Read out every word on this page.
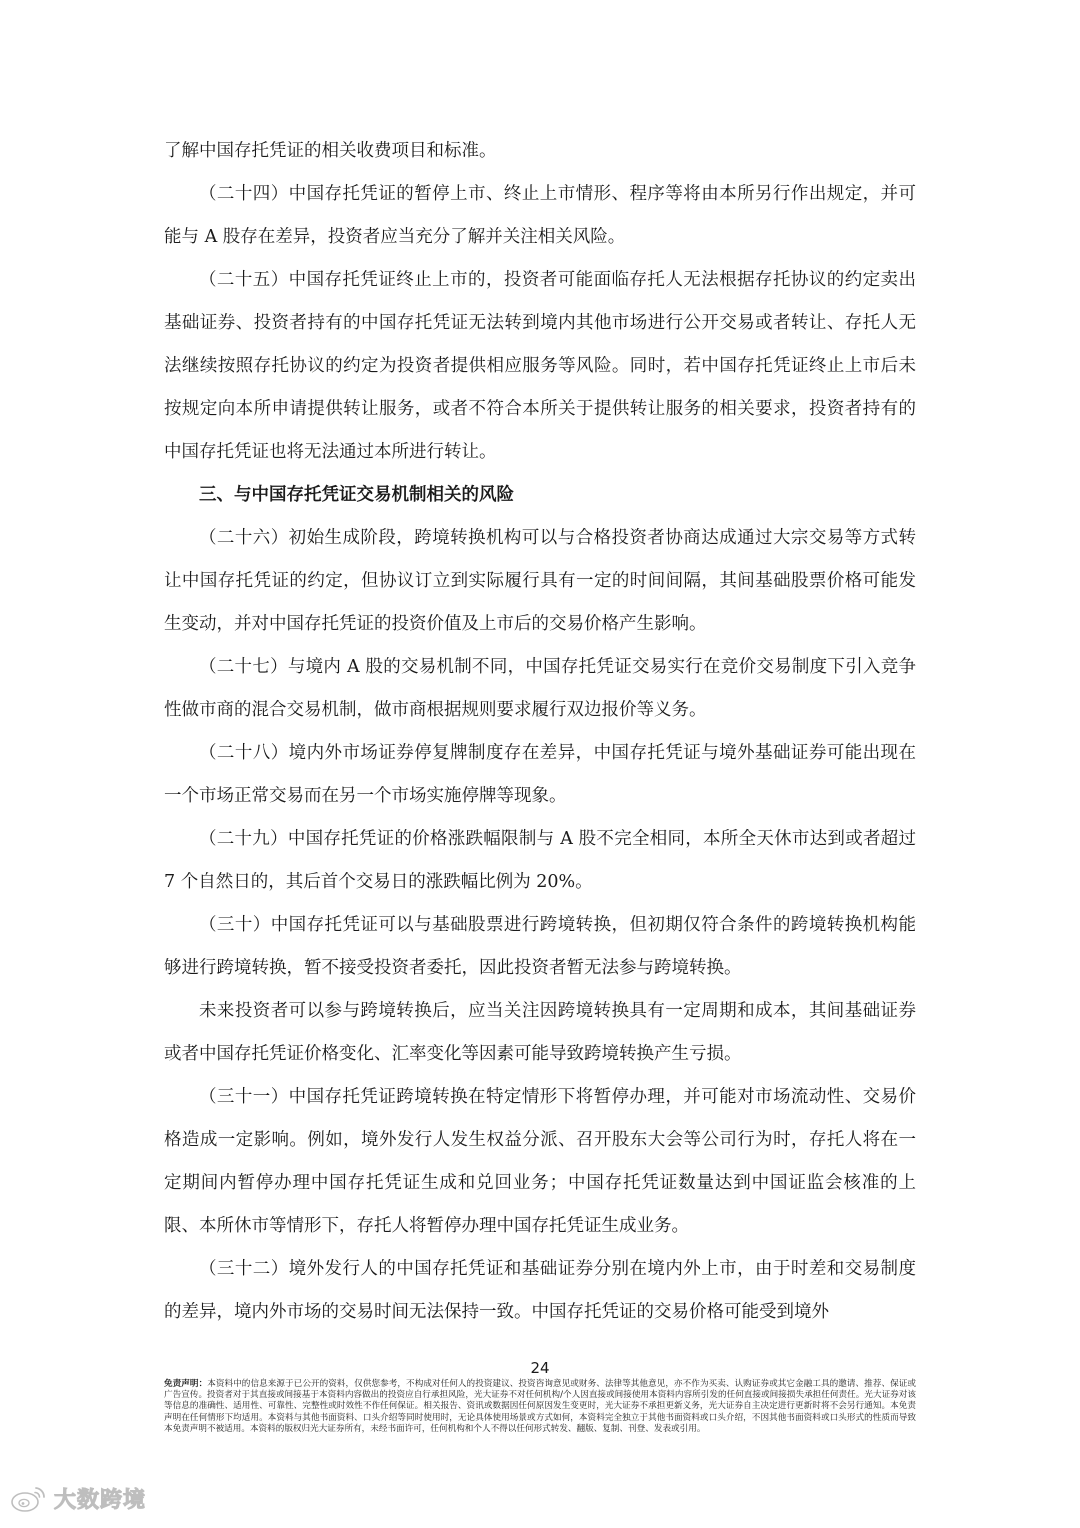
了解中国存托凭证的相关收费项目和标准。

（二十四）中国存托凭证的暂停上市、终止上市情形、程序等将由本所另行作出规定，并可能与 A 股存在差异，投资者应当充分了解并关注相关风险。

（二十五）中国存托凭证终止上市的，投资者可能面临存托人无法根据存托协议的约定卖出基础证券、投资者持有的中国存托凭证无法转到境内其他市场进行公开交易或者转让、存托人无法继续按照存托协议的约定为投资者提供相应服务等风险。同时，若中国存托凭证终止上市后未按规定向本所申请提供转让服务，或者不符合本所关于提供转让服务的相关要求，投资者持有的中国存托凭证也将无法通过本所进行转让。

三、与中国存托凭证交易机制相关的风险

（二十六）初始生成阶段，跨境转换机构可以与合格投资者协商达成通过大宗交易等方式转让中国存托凭证的约定，但协议订立到实际履行具有一定的时间间隔，其间基础股票价格可能发生变动，并对中国存托凭证的投资价值及上市后的交易价格产生影响。

（二十七）与境内 A 股的交易机制不同，中国存托凭证交易实行在竞价交易制度下引入竞争性做市商的混合交易机制，做市商根据规则要求履行双边报价等义务。

（二十八）境内外市场证券停复牌制度存在差异，中国存托凭证与境外基础证券可能出现在一个市场正常交易而在另一个市场实施停牌等现象。

（二十九）中国存托凭证的价格涨跌幅限制与 A 股不完全相同，本所全天休市达到或者超过 7 个自然日的，其后首个交易日的涨跌幅比例为 20%。

（三十）中国存托凭证可以与基础股票进行跨境转换，但初期仅符合条件的跨境转换机构能够进行跨境转换，暂不接受投资者委托，因此投资者暂无法参与跨境转换。

未来投资者可以参与跨境转换后，应当关注因跨境转换具有一定周期和成本，其间基础证券或者中国存托凭证价格变化、汇率变化等因素可能导致跨境转换产生亏损。

（三十一）中国存托凭证跨境转换在特定情形下将暂停办理，并可能对市场流动性、交易价格造成一定影响。例如，境外发行人发生权益分派、召开股东大会等公司行为时，存托人将在一定期间内暂停办理中国存托凭证生成和兑回业务；中国存托凭证数量达到中国证监会核准的上限、本所休市等情形下，存托人将暂停办理中国存托凭证生成业务。

（三十二）境外发行人的中国存托凭证和基础证券分别在境内外上市，由于时差和交易制度的差异，境内外市场的交易时间无法保持一致。中国存托凭证的交易价格可能受到境外

24
免责声明：本资料中的信息来源于已公开的资料，仅供您参考，不构成对任何人的投资建议、投资咨询意见或财务、法律等其他意见，亦不作为买卖、认购证券或其它金融工具的邀请、推荐、保证或广告宣传。投资者对于其直接或间接基于本资料内容做出的投资应自行承担风险，光大证券不对任何机构/个人因直接或间接使用本资料内容所引发的任何直接或间接损失承担任何责任。光大证券对该等信息的准确性、适用性、可靠性、完整性或时效性不作任何保证。相关报告、资讯或数据因任何原因发生变更时，光大证券不承担更新义务，光大证券自主决定进行更新时将不会另行通知。本免责声明在任何情形下均适用。本资料与其他书面资料、口头介绍等同时使用时，无论具体使用场景或方式如何，本资料完全独立于其他书面资料或口头介绍，不因其他书面资料或口头形式的性质而导致本免责声明不被适用。本资料的版权归光大证券所有，未经书面许可，任何机构和个人不得以任何形式转发、翻版、复制、刊登、发表或引用。
大数跨境
